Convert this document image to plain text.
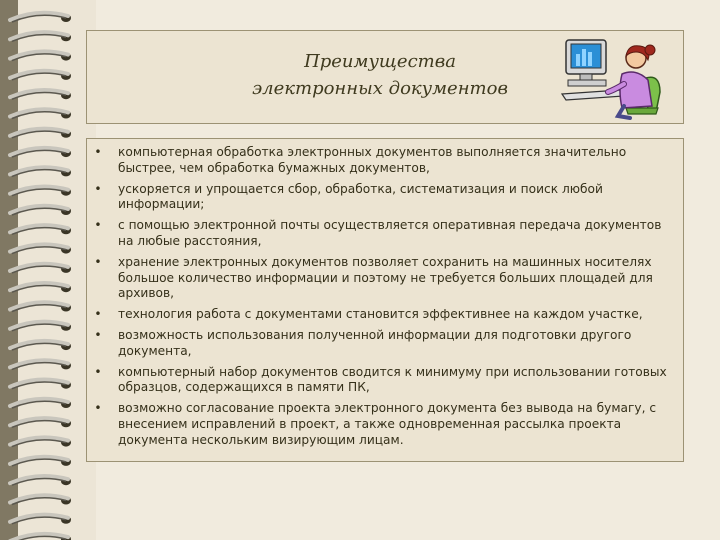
Преимущества
электронных документов
•	компьютерная обработка электронных документов выполняется значительно быстрее, чем обработка бумажных документов,
•	ускоряется и упрощается сбор, обработка, систематизация и поиск любой информации;
•	с помощью электронной почты осуществляется оперативная передача документов на любые расстояния,
•	хранение электронных документов позволяет сохранить на машинных носителях большое количество информации и поэтому не требуется больших площадей для архивов,
•	технология работа с документами становится эффективнее на каждом участке,
•	возможность использования полученной информации для подготовки другого документа,
•	компьютерный набор документов сводится к минимуму при использовании готовых образцов, содержащихся в памяти ПК,
•	возможно согласование проекта электронного документа без вывода на бумагу, с внесением исправлений в проект, а также одновременная рассылка проекта документа нескольким визирующим лицам.
